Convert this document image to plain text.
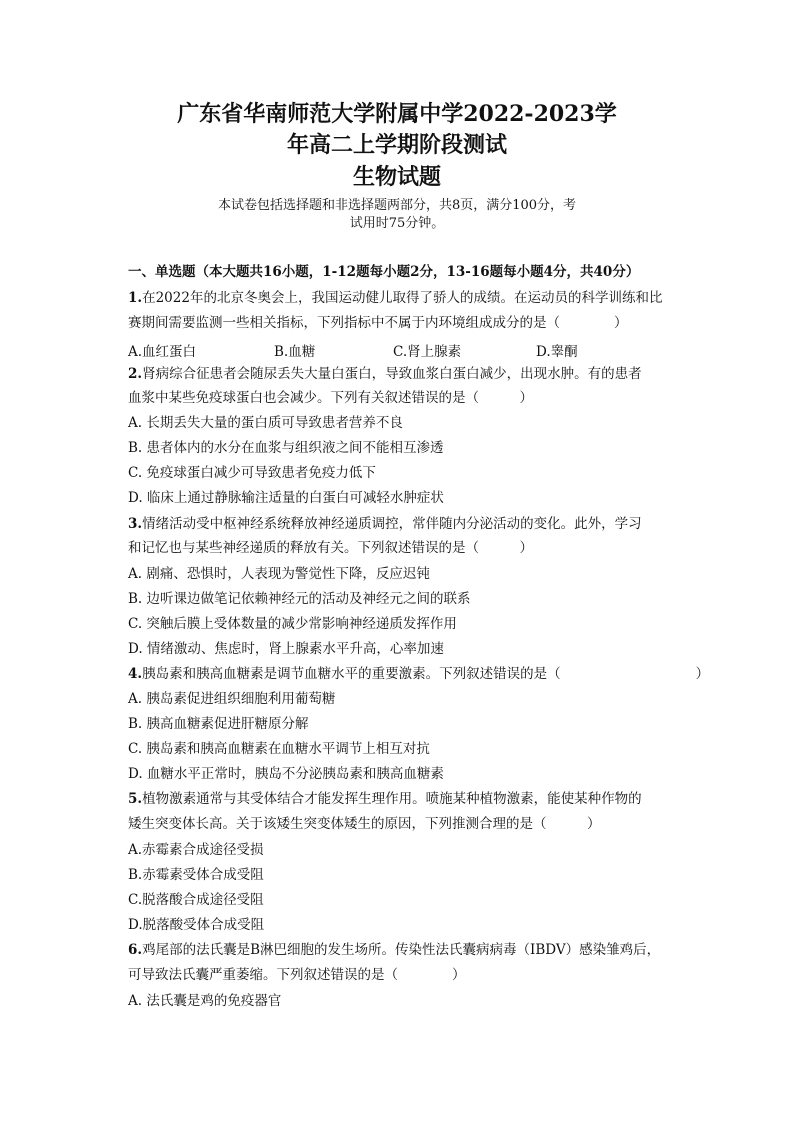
广东省华南师范大学附属中学2022-2023学
年高二上学期阶段测试
生物试题
本试卷包括选择题和非选择题两部分，共8页，满分100分，考
试用时75分钟。
一、单选题（本大题共16小题，1-12题每小题2分，13-16题每小题4分，共40分）
1.在2022年的北京冬奥会上，我国运动健儿取得了骄人的成绩。在运动员的科学训练和比
赛期间需要监测一些相关指标，下列指标中不属于内环境组成成分的是（　　　　）
A.血红蛋白	B.血糖	C.肾上腺素	D.睾酮
2.肾病综合征患者会随尿丢失大量白蛋白，导致血浆白蛋白减少，出现水肿。有的患者
血浆中某些免疫球蛋白也会减少。下列有关叙述错误的是（　　　）
A. 长期丢失大量的蛋白质可导致患者营养不良
B. 患者体内的水分在血浆与组织液之间不能相互渗透
C. 免疫球蛋白减少可导致患者免疫力低下
D. 临床上通过静脉输注适量的白蛋白可减轻水肿症状
3.情绪活动受中枢神经系统释放神经递质调控，常伴随内分泌活动的变化。此外，学习
和记忆也与某些神经递质的释放有关。下列叙述错误的是（　　　）
A. 剧痛、恐惧时，人表现为警觉性下降，反应迟钝
B. 边听课边做笔记依赖神经元的活动及神经元之间的联系
C. 突触后膜上受体数量的减少常影响神经递质发挥作用
D. 情绪激动、焦虑时，肾上腺素水平升高，心率加速
4.胰岛素和胰高血糖素是调节血糖水平的重要激素。下列叙述错误的是（　　　　　　　　　　）
A. 胰岛素促进组织细胞利用葡萄糖
B. 胰高血糖素促进肝糖原分解
C. 胰岛素和胰高血糖素在血糖水平调节上相互对抗
D. 血糖水平正常时，胰岛不分泌胰岛素和胰高血糖素
5.植物激素通常与其受体结合才能发挥生理作用。喷施某种植物激素，能使某种作物的
矮生突变体长高。关于该矮生突变体矮生的原因，下列推测合理的是（　　　）
A.赤霉素合成途径受损
B.赤霉素受体合成受阻
C.脱落酸合成途径受阻
D.脱落酸受体合成受阻
6.鸡尾部的法氏囊是B淋巴细胞的发生场所。传染性法氏囊病病毒（IBDV）感染雏鸡后，
可导致法氏囊严重萎缩。下列叙述错误的是（　　　　）
A. 法氏囊是鸡的免疫器官
